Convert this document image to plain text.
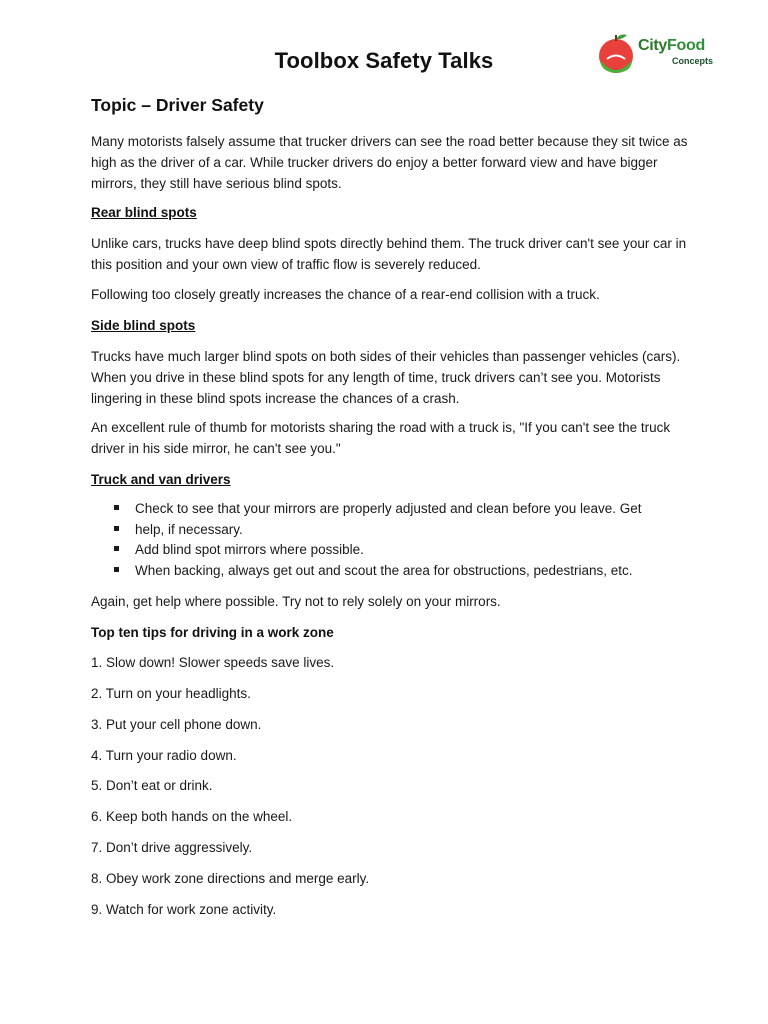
Toolbox Safety Talks
CityFood
Concepts
Topic – Driver Safety

Many motorists falsely assume that trucker drivers can see the road better because they sit twice as high as the driver of a car. While trucker drivers do enjoy a better forward view and have bigger mirrors, they still have serious blind spots.

Rear blind spots

Unlike cars, trucks have deep blind spots directly behind them. The truck driver can't see your car in this position and your own view of traffic flow is severely reduced.

Following too closely greatly increases the chance of a rear-end collision with a truck.

Side blind spots

Trucks have much larger blind spots on both sides of their vehicles than passenger vehicles (cars). When you drive in these blind spots for any length of time, truck drivers can’t see you. Motorists lingering in these blind spots increase the chances of a crash.

An excellent rule of thumb for motorists sharing the road with a truck is, "If you can't see the truck driver in his side mirror, he can't see you."

Truck and van drivers

Check to see that your mirrors are properly adjusted and clean before you leave. Get
help, if necessary.
Add blind spot mirrors where possible.
When backing, always get out and scout the area for obstructions, pedestrians, etc.

Again, get help where possible. Try not to rely solely on your mirrors.

Top ten tips for driving in a work zone

1. Slow down! Slower speeds save lives.

2. Turn on your headlights.

3. Put your cell phone down.

4. Turn your radio down.

5. Don’t eat or drink.

6. Keep both hands on the wheel.

7. Don’t drive aggressively.

8. Obey work zone directions and merge early.

9. Watch for work zone activity.
